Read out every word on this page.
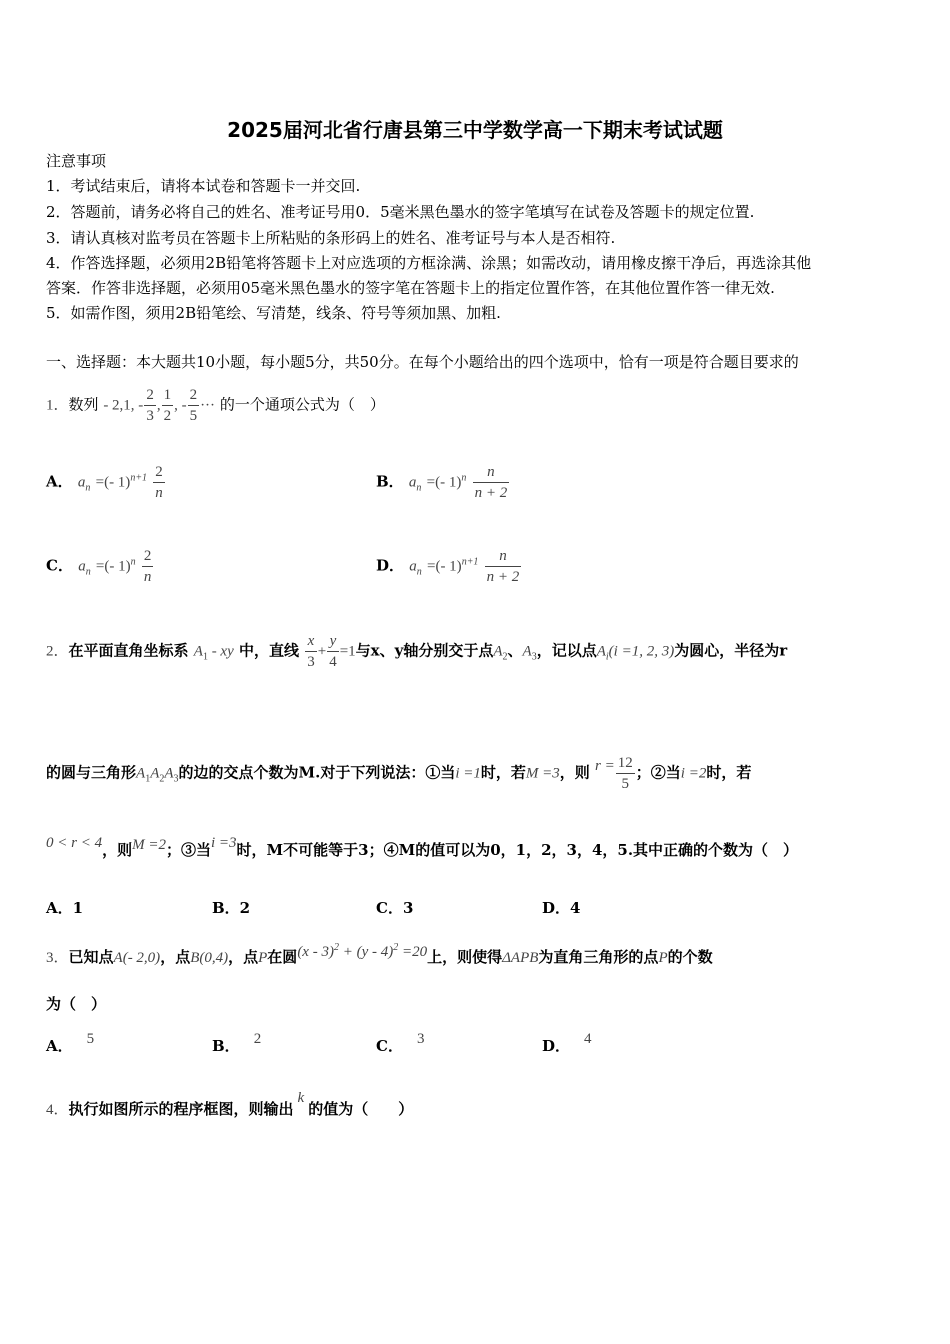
2025届河北省行唐县第三中学数学高一下期末考试试题
注意事项
1．考试结束后，请将本试卷和答题卡一并交回.
2．答题前，请务必将自己的姓名、准考证号用0．5毫米黑色墨水的签字笔填写在试卷及答题卡的规定位置.
3．请认真核对监考员在答题卡上所粘贴的条形码上的姓名、准考证号与本人是否相符.
4．作答选择题，必须用2B铅笔将答题卡上对应选项的方框涂满、涂黑；如需改动，请用橡皮擦干净后，再选涂其他
答案．作答非选择题，必须用05毫米黑色墨水的签字笔在答题卡上的指定位置作答，在其他位置作答一律无效.
5．如需作图，须用2B铅笔绘、写清楚，线条、符号等须加黑、加粗.
一、选择题：本大题共10小题，每小题5分，共50分。在每个小题给出的四个选项中，恰有一项是符合题目要求的
1．数列 - 2,1, - $\frac{2}{3}$ , $\frac{1}{2}$ , - $\frac{2}{5}$ ··· 的一个通项公式为（　）
A． $a_n$ =(- $1)^{n+1} \frac{2}{n}$	B． $a_n$ =(- $1)^n \frac{n}{n + 2}$
C． $a_n$ =(- $1)^n \frac{2}{n}$	D． $a_n$ =(- $1)^{n+1} \frac{n}{n + 2}$
2．在平面直角坐标系 $A_1$ - xy 中，直线 $\frac{x}{3} + \frac{y}{4} =1$与x、y轴分别交于点$A_2$、$A_3$，记以点$A_i(i =1$, 2, 3)为圆心，半径为r
的圆与三角形$A_1A_2A_3$的边的交点个数为M.对于下列说法：①当i =1时，若M =3，则 $r = \frac{12}{5}$ ；②当i =2时，若
0 < r < 4，则M =2；③当i =3时，M不可能等于3；④M的值可以为0，1，2，3，4，5.其中正确的个数为（　）
A．1	B．2	C．3	D．4
3．已知点A(- 2,0)，点B(0,4)，点P在圆(x - 3)$^2$ + (y - 4)$^2$ =20上，则使得ΔAPB为直角三角形的点P的个数
为（　）
A． 5	B． 2	C． 3	D． 4
4．执行如图所示的程序框图，则输出k的值为（　　）
